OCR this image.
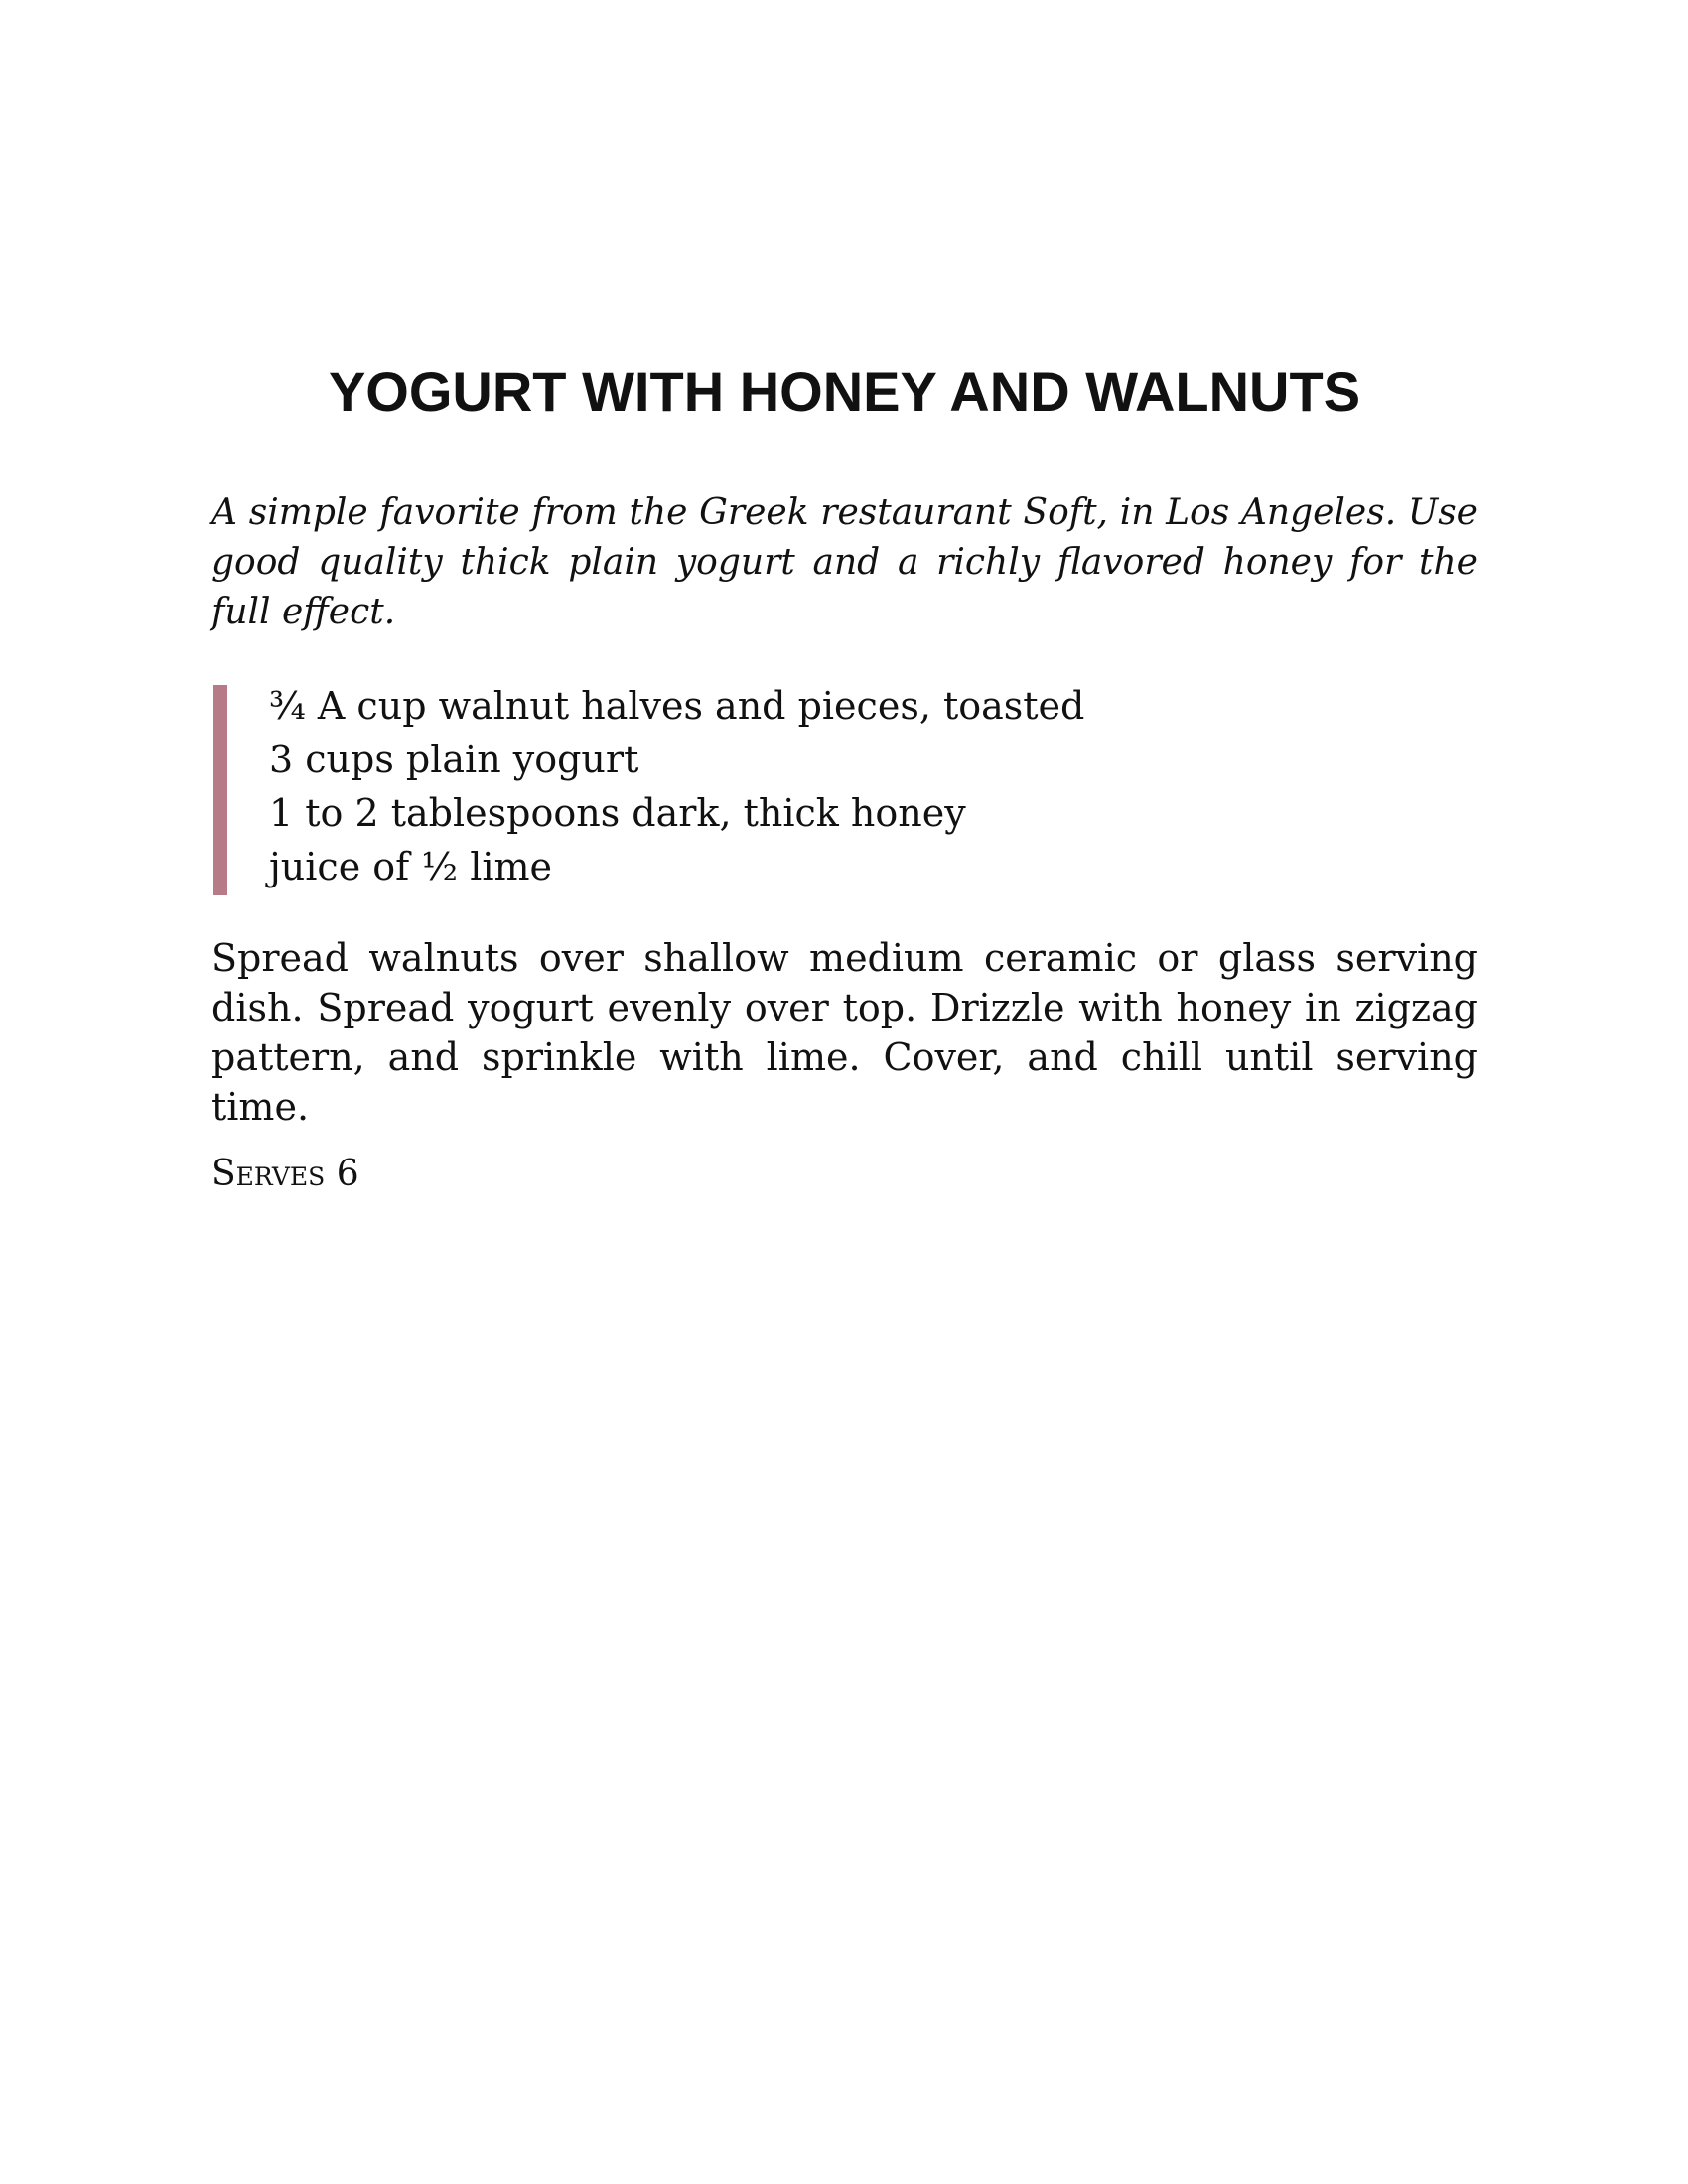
YOGURT WITH HONEY AND WALNUTS

A simple favorite from the Greek restaurant Soft, in Los Angeles. Use good quality thick plain yogurt and a richly flavored honey for the full effect.

¾ A cup walnut halves and pieces, toasted
3 cups plain yogurt
1 to 2 tablespoons dark, thick honey
juice of ½ lime

Spread walnuts over shallow medium ceramic or glass serving dish. Spread yogurt evenly over top. Drizzle with honey in zigzag pattern, and sprinkle with lime. Cover, and chill until serving time.

Serves 6
